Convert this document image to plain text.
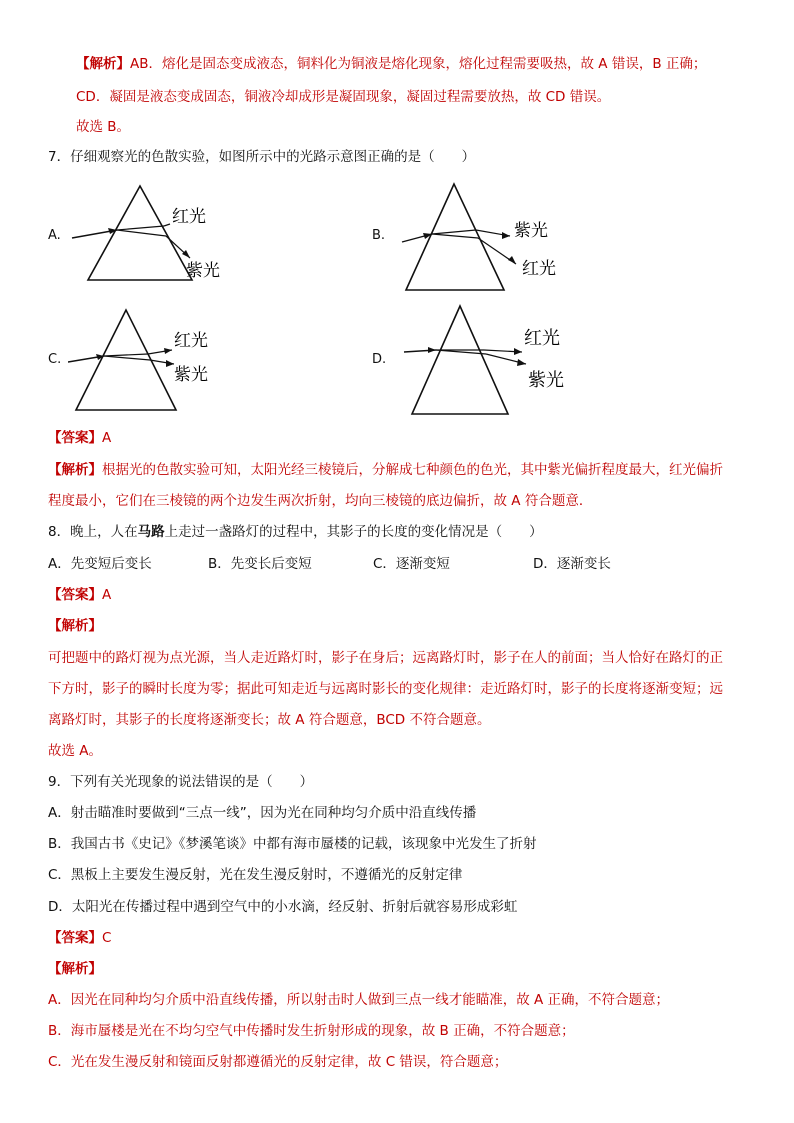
【解析】AB．熔化是固态变成液态，铜料化为铜液是熔化现象，熔化过程需要吸热，故 A 错误，B 正确；
CD．凝固是液态变成固态，铜液冷却成形是凝固现象，凝固过程需要放热，故 CD 错误。
故选 B。
7．仔细观察光的色散实验，如图所示中的光路示意图正确的是（　　）
A.
红光
紫光
B.	紫光
红光
C.
红光
紫光
D.
红光
紫光
【答案】A
【解析】根据光的色散实验可知，太阳光经三棱镜后，分解成七种颜色的色光，其中紫光偏折程度最大，红光偏折
程度最小，它们在三棱镜的两个边发生两次折射，均向三棱镜的底边偏折，故 A 符合题意．
8．晚上，人在马路上走过一盏路灯的过程中，其影子的长度的变化情况是（　　）
A．先变短后变长	B．先变长后变短	C．逐渐变短	D．逐渐变长
【答案】A
【解析】
可把题中的路灯视为点光源，当人走近路灯时，影子在身后；远离路灯时，影子在人的前面；当人恰好在路灯的正
下方时，影子的瞬时长度为零；据此可知走近与远离时影长的变化规律：走近路灯时，影子的长度将逐渐变短；远
离路灯时，其影子的长度将逐渐变长；故 A 符合题意，BCD 不符合题意。
故选 A。
9．下列有关光现象的说法错误的是（　　）
A．射击瞄准时要做到“三点一线”，因为光在同种均匀介质中沿直线传播
B．我国古书《史记》《梦溪笔谈》中都有海市蜃楼的记载，该现象中光发生了折射
C．黑板上主要发生漫反射，光在发生漫反射时，不遵循光的反射定律
D．太阳光在传播过程中遇到空气中的小水滴，经反射、折射后就容易形成彩虹
【答案】C
【解析】
A．因光在同种均匀介质中沿直线传播，所以射击时人做到三点一线才能瞄准，故 A 正确，不符合题意；
B．海市蜃楼是光在不均匀空气中传播时发生折射形成的现象，故 B 正确，不符合题意；
C．光在发生漫反射和镜面反射都遵循光的反射定律，故 C 错误，符合题意；
